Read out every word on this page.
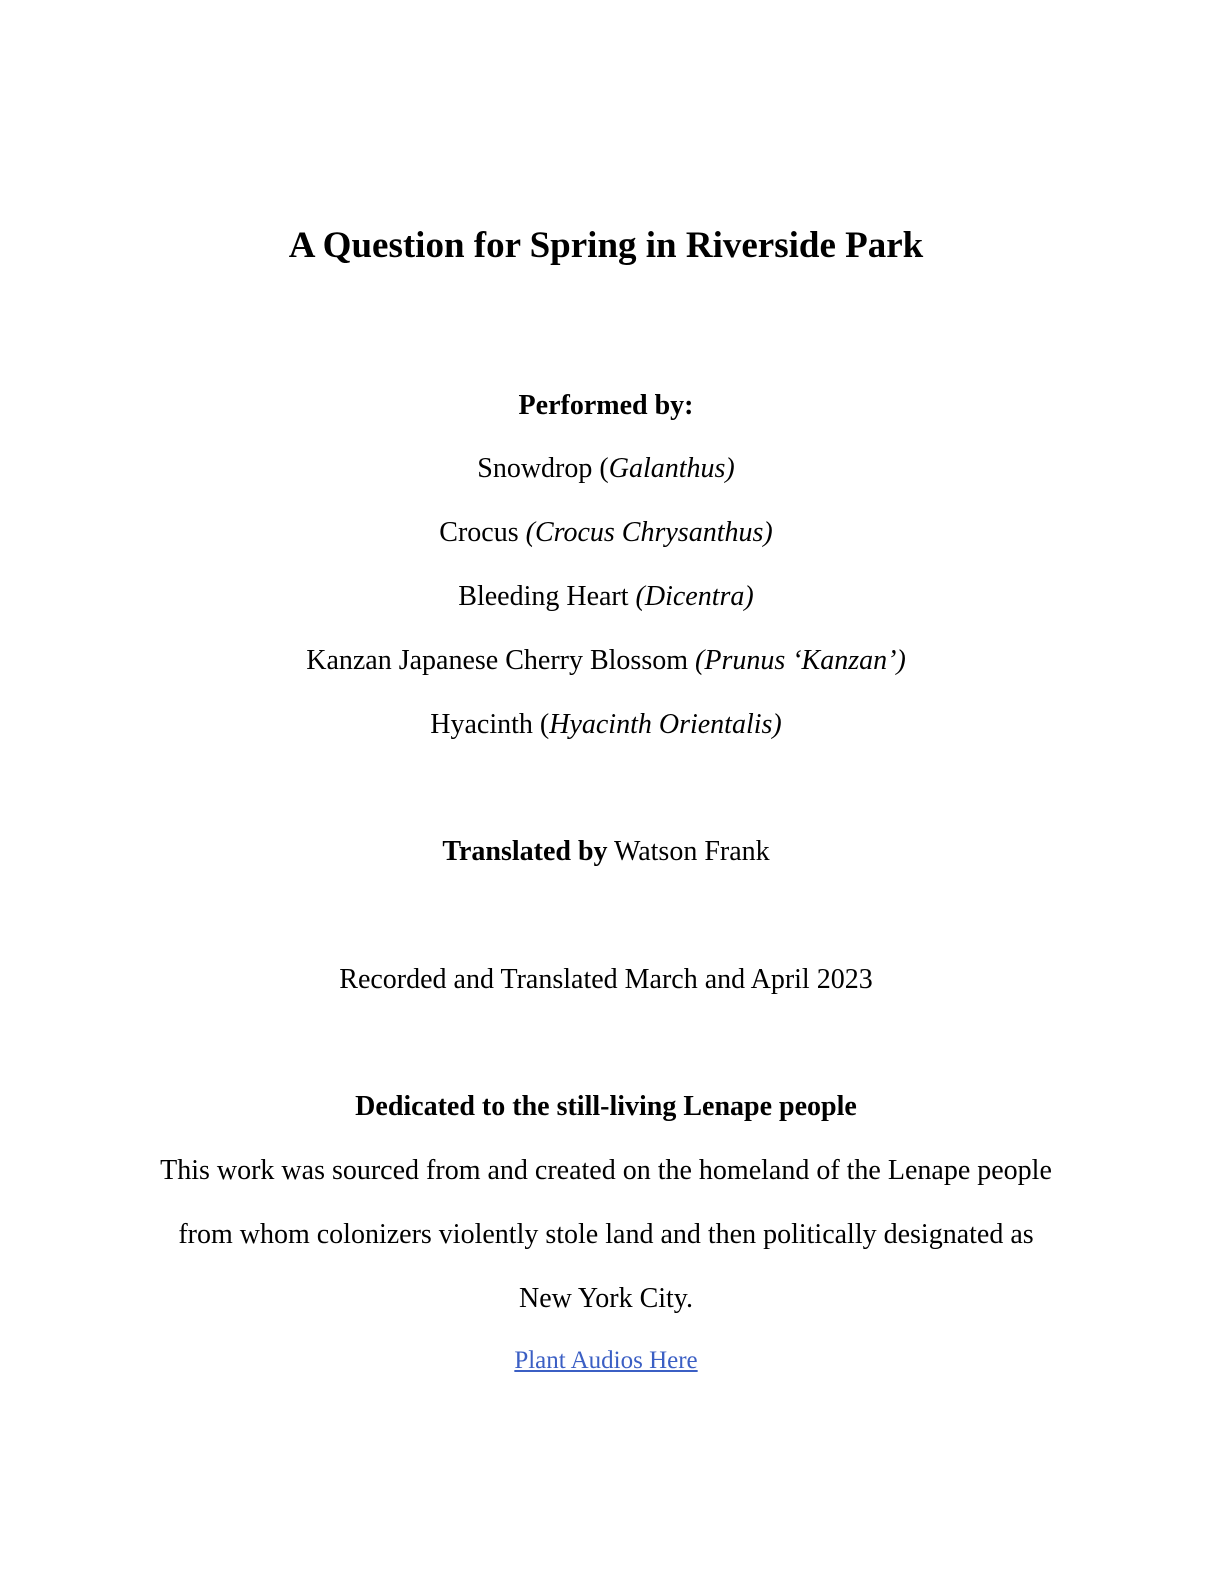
A Question for Spring in Riverside Park
Performed by:
Snowdrop (Galanthus)
Crocus (Crocus Chrysanthus)
Bleeding Heart (Dicentra)
Kanzan Japanese Cherry Blossom (Prunus ‘Kanzan’)
Hyacinth (Hyacinth Orientalis)
Translated by Watson Frank
Recorded and Translated March and April 2023
Dedicated to the still-living Lenape people
This work was sourced from and created on the homeland of the Lenape people
from whom colonizers violently stole land and then politically designated as
New York City.
Plant Audios Here
